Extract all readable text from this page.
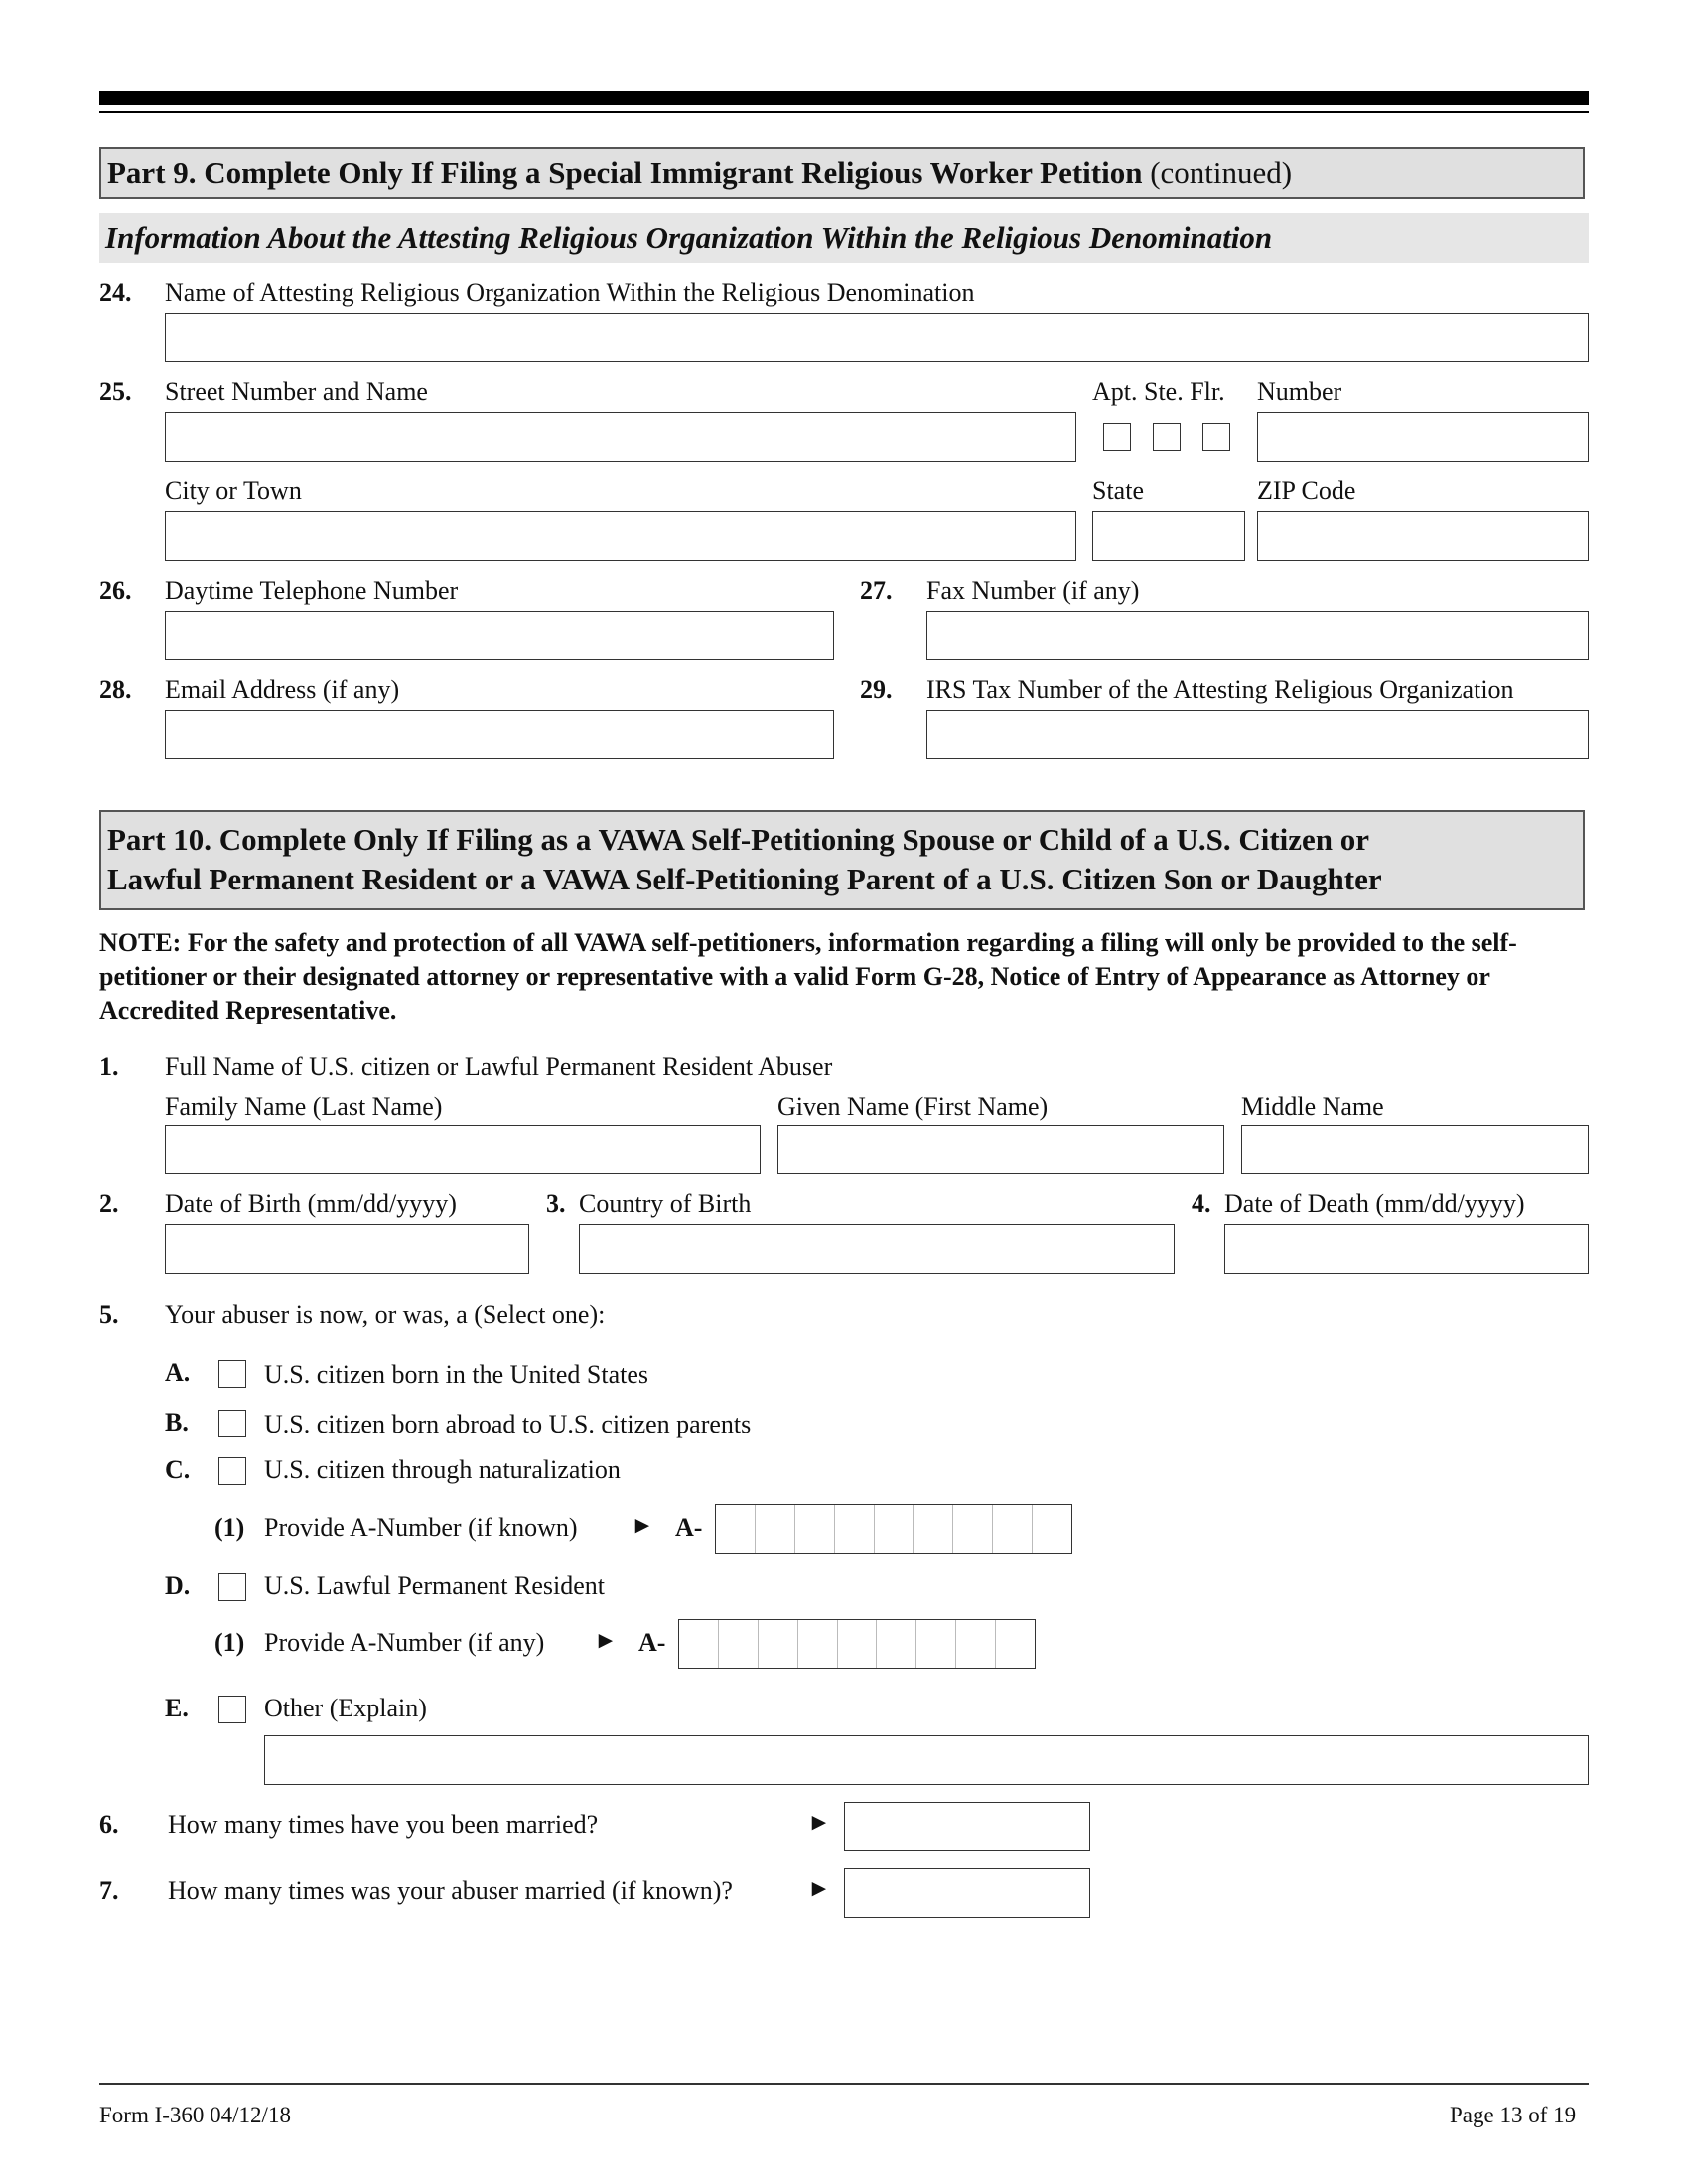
Part 9. Complete Only If Filing a Special Immigrant Religious Worker Petition (continued)
Information About the Attesting Religious Organization Within the Religious Denomination
24. Name of Attesting Religious Organization Within the Religious Denomination
25. Street Number and Name	Apt. Ste. Flr. Number
City or Town	State	ZIP Code
26. Daytime Telephone Number	27. Fax Number (if any)
28. Email Address (if any)	29. IRS Tax Number of the Attesting Religious Organization
Part 10. Complete Only If Filing as a VAWA Self-Petitioning Spouse or Child of a U.S. Citizen or
Lawful Permanent Resident or a VAWA Self-Petitioning Parent of a U.S. Citizen Son or Daughter
NOTE: For the safety and protection of all VAWA self-petitioners, information regarding a filing will only be provided to the self-petitioner or their designated attorney or representative with a valid Form G-28, Notice of Entry of Appearance as Attorney or Accredited Representative.
1. Full Name of U.S. citizen or Lawful Permanent Resident Abuser
Family Name (Last Name)	Given Name (First Name)	Middle Name
2. Date of Birth (mm/dd/yyyy)	3. Country of Birth	4. Date of Death (mm/dd/yyyy)
5. Your abuser is now, or was, a (Select one):
A.	U.S. citizen born in the United States
B.	U.S. citizen born abroad to U.S. citizen parents
C.	U.S. citizen through naturalization
(1) Provide A-Number (if known) ► A-
D.	U.S. Lawful Permanent Resident
(1) Provide A-Number (if any) ► A-
E.	Other (Explain)
6. How many times have you been married?	►
7. How many times was your abuser married (if known)?	►
Form I-360 04/12/18	Page 13 of 19
